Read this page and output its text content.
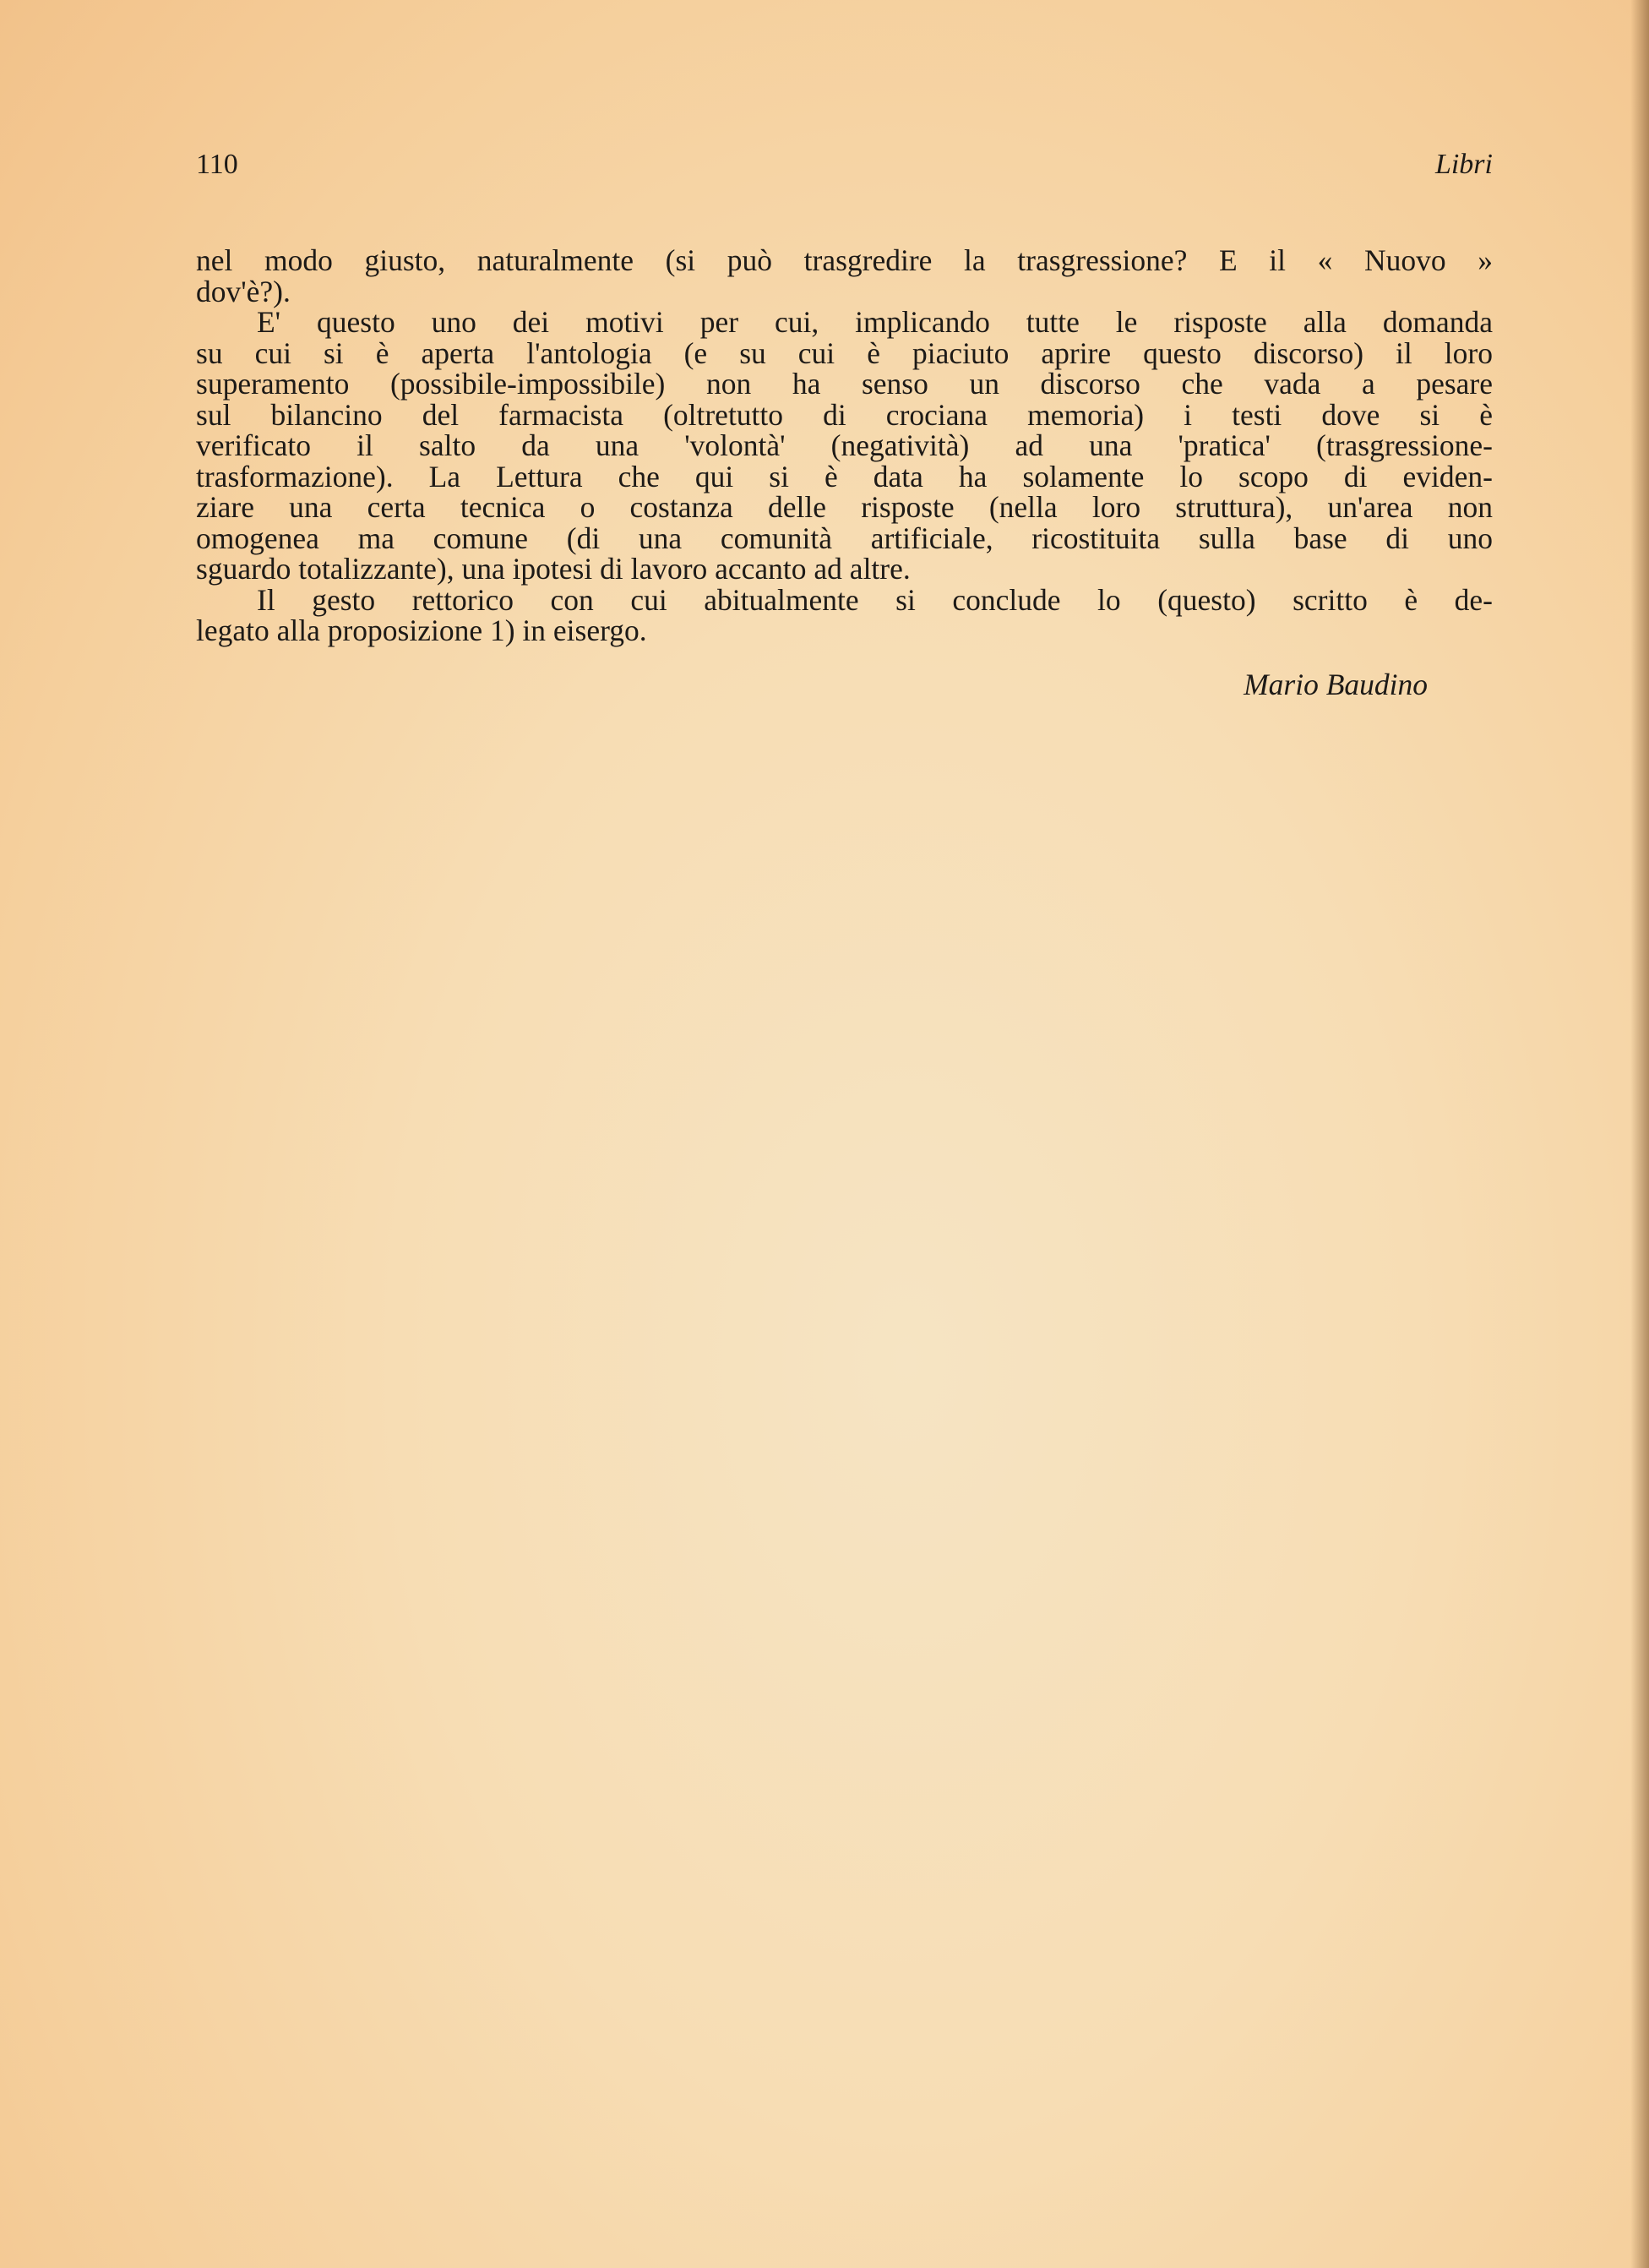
110	Libri

nel modo giusto, naturalmente (si può trasgredire la trasgressione? E il « Nuovo »

dov'è?).

E' questo uno dei motivi per cui, implicando tutte le risposte alla domanda

su cui si è aperta l'antologia (e su cui è piaciuto aprire questo discorso) il loro

superamento (possibile-impossibile) non ha senso un discorso che vada a pesare

sul bilancino del farmacista (oltretutto di crociana memoria) i testi dove si è

verificato il salto da una 'volontà' (negatività) ad una 'pratica' (trasgressione-

trasformazione). La Lettura che qui si è data ha solamente lo scopo di eviden-

ziare una certa tecnica o costanza delle risposte (nella loro struttura), un'area non

omogenea ma comune (di una comunità artificiale, ricostituita sulla base di uno

sguardo totalizzante), una ipotesi di lavoro accanto ad altre.

Il gesto rettorico con cui abitualmente si conclude lo (questo) scritto è de-

legato alla proposizione 1) in eisergo.

Mario Baudino
